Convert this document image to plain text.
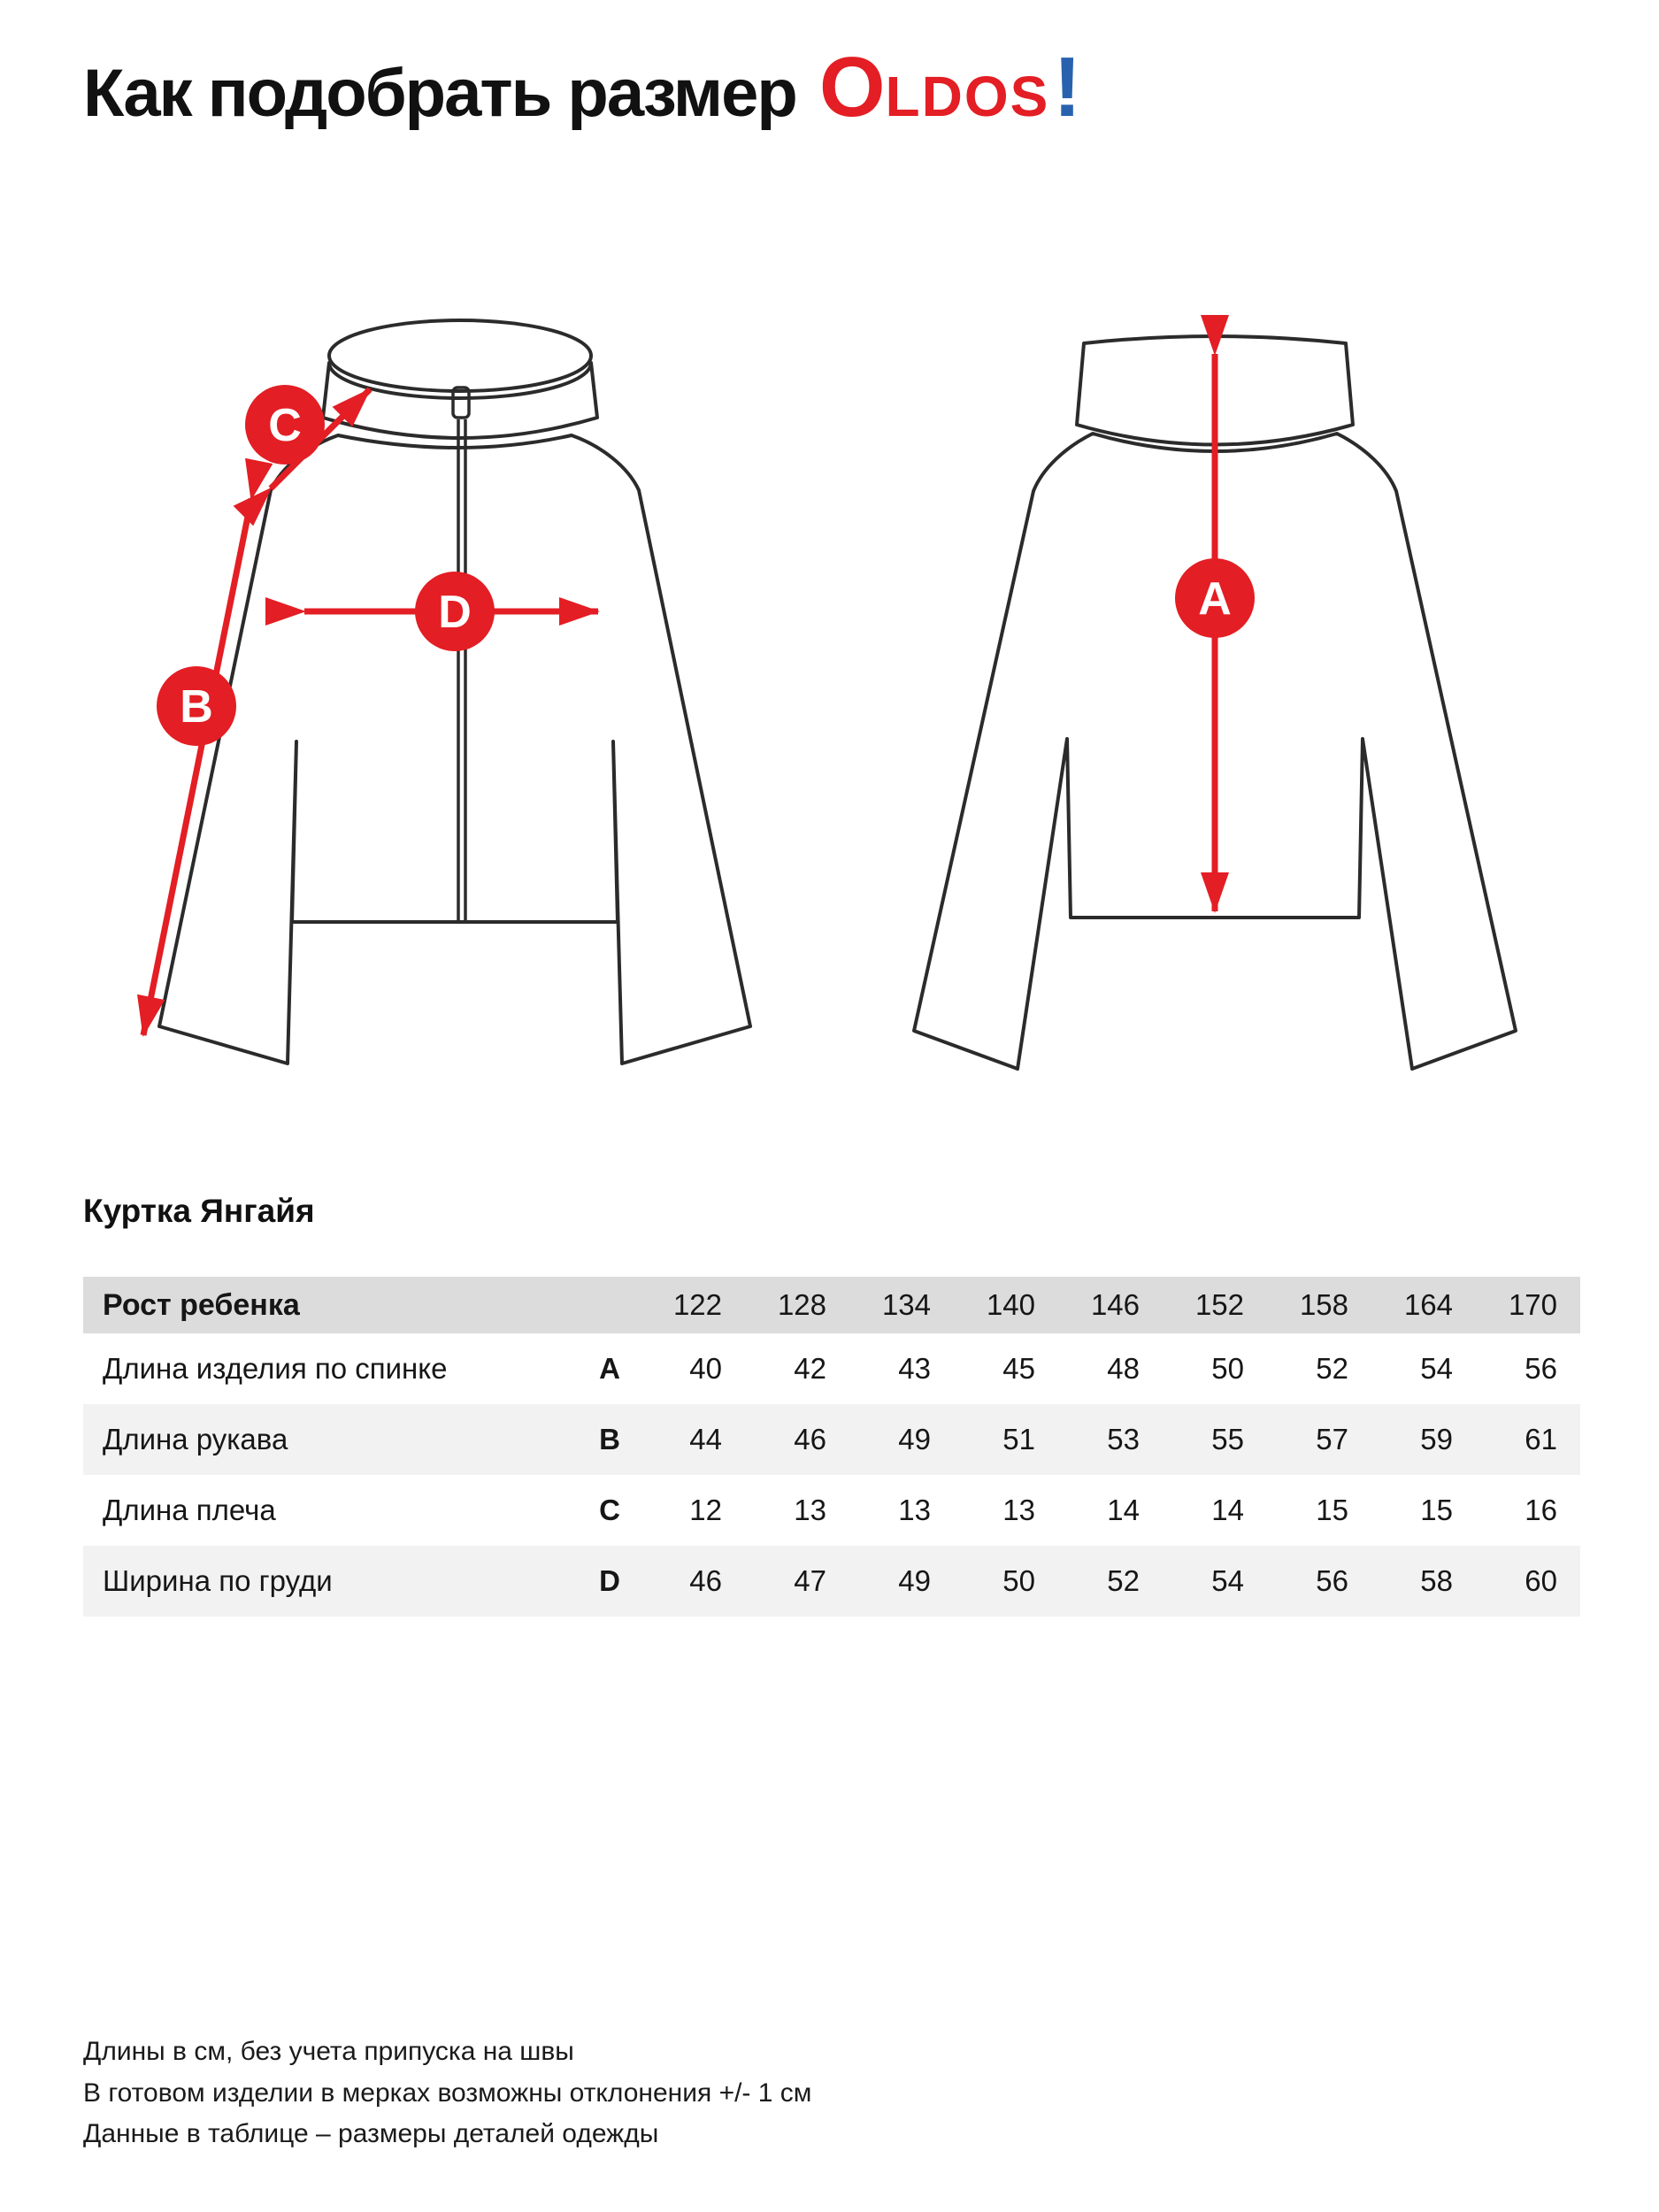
Как подобрать размер O LDOS !
C
B
D	A
Куртка Янгайя
Рост ребенка		122	128	134	140	146	152	158	164	170
Длина изделия по спинке	A	40	42	43	45	48	50	52	54	56
Длина рукава	B	44	46	49	51	53	55	57	59	61
Длина плеча	C	12	13	13	13	14	14	15	15	16
Ширина по груди	D	46	47	49	50	52	54	56	58	60
Длины в см, без учета припуска на швы
В готовом изделии в мерках возможны отклонения +/- 1 см
Данные в таблице – размеры деталей одежды
